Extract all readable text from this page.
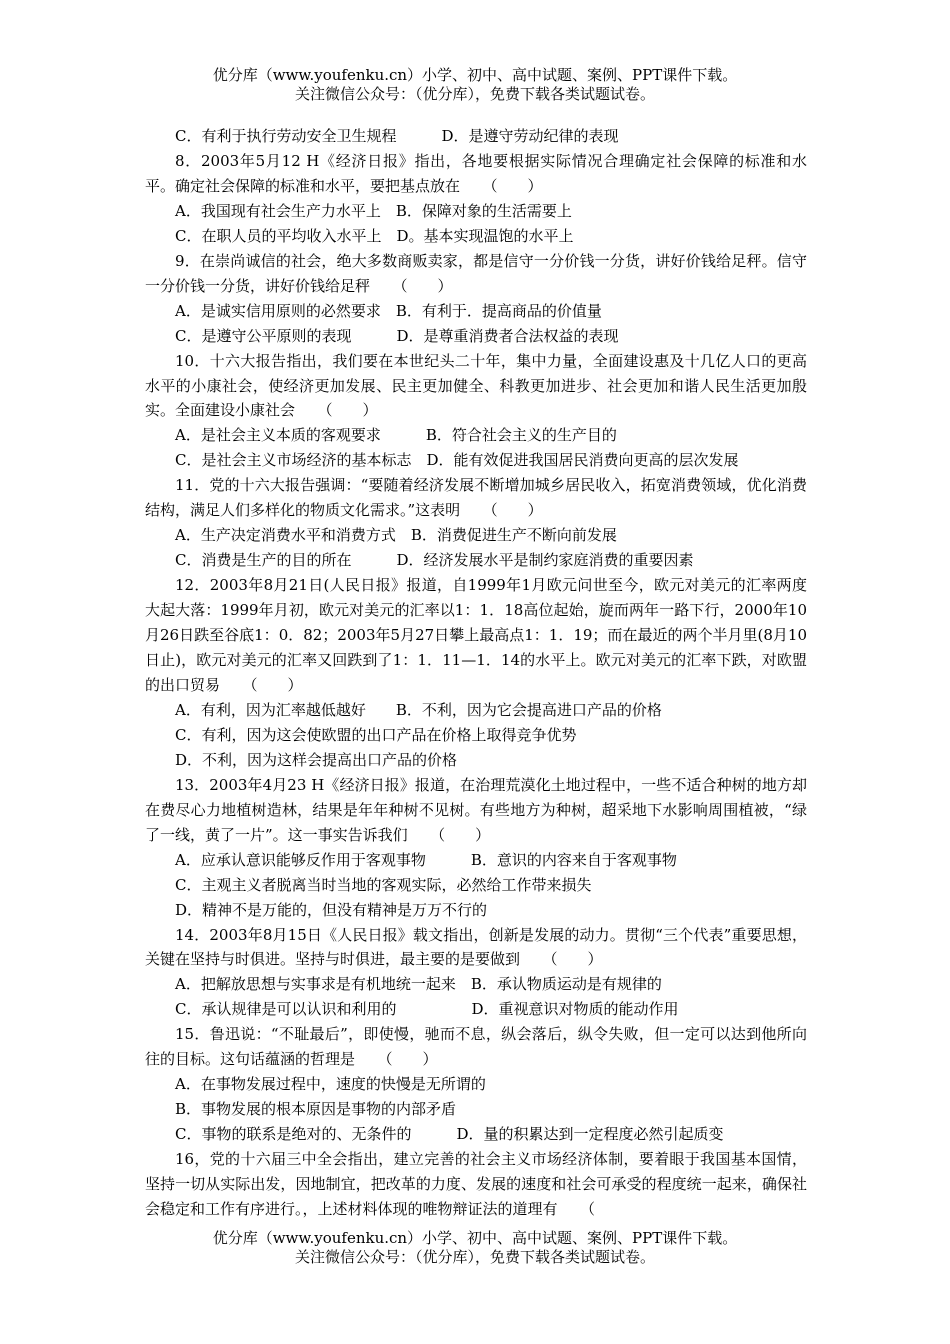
优分库（www.youfenku.cn）小学、初中、高中试题、案例、PPT课件下载。
关注微信公众号：（优分库），免费下载各类试题试卷。

C．有利于执行劳动安全卫生规程　　　D．是遵守劳动纪律的表现

8．2003年5月12 H《经济日报》指出，各地要根据实际情况合理确定社会保障的标准和水平。确定社会保障的标准和水平，要把基点放在　　（　　）

A．我国现有社会生产力水平上　B．保障对象的生活需要上

C．在职人员的平均收入水平上　D。基本实现温饱的水平上

9．在崇尚诚信的社会，绝大多数商贩卖家，都是信守一分价钱一分货，讲好价钱给足秤。信守一分价钱一分货，讲好价钱给足秤　　（　　）

A．是诚实信用原则的必然要求　B．有利于．提高商品的价值量

C．是遵守公平原则的表现　　　D．是尊重消费者合法权益的表现

10．十六大报告指出，我们要在本世纪头二十年，集中力量，全面建设惠及十几亿人口的更高水平的小康社会，使经济更加发展、民主更加健全、科教更加进步、社会更加和谐人民生活更加殷实。全面建设小康社会　　（　　）

A．是社会主义本质的客观要求　　　B．符合社会主义的生产目的

C．是社会主义市场经济的基本标志　D．能有效促进我国居民消费向更高的层次发展

11．党的十六大报告强调：“要随着经济发展不断增加城乡居民收入，拓宽消费领域，优化消费结构，满足人们多样化的物质文化需求。”这表明　　（　　）

A．生产决定消费水平和消费方式　B．消费促进生产不断向前发展

C．消费是生产的目的所在　　　D．经济发展水平是制约家庭消费的重要因素

12．2003年8月21日(人民日报》报道，自1999年1月欧元问世至今，欧元对美元的汇率两度大起大落：1999年月初，欧元对美元的汇率以1：1．18高位起始，旋而两年一路下行，2000年10月26日跌至谷底1：0．82；2003年5月27日攀上最高点1：1．19；而在最近的两个半月里(8月10日止)，欧元对美元的汇率又回跌到了1：1．11—1．14的水平上。欧元对美元的汇率下跌，对欧盟的出口贸易　　（　　）

A．有利，因为汇率越低越好　　B．不利，因为它会提高进口产品的价格

C．有利，因为这会使欧盟的出口产品在价格上取得竞争优势

D．不利，因为这样会提高出口产品的价格

13．2003年4月23 H《经济日报》报道，在治理荒漠化土地过程中，一些不适合种树的地方却在费尽心力地植树造林，结果是年年种树不见树。有些地方为种树，超采地下水影响周围植被，“绿了一线，黄了一片”。这一事实告诉我们　　（　　）

A．应承认意识能够反作用于客观事物　　　B．意识的内容来自于客观事物

C．主观主义者脱离当时当地的客观实际，必然给工作带来损失

D．精神不是万能的，但没有精神是万万不行的

14．2003年8月15日《人民日报》载文指出，创新是发展的动力。贯彻“三个代表”重要思想，关键在坚持与时俱进。坚持与时俱进，最主要的是要做到　　（　　）

A．把解放思想与实事求是有机地统一起来　B．承认物质运动是有规律的

C．承认规律是可以认识和利用的　　　　　D．重视意识对物质的能动作用

15．鲁迅说：“不耻最后”，即使慢，驰而不息，纵会落后，纵令失败，但一定可以达到他所向往的目标。这句话蕴涵的哲理是　　（　　）

A．在事物发展过程中，速度的快慢是无所谓的

B．事物发展的根本原因是事物的内部矛盾

C．事物的联系是绝对的、无条件的　　　D．量的积累达到一定程度必然引起质变

16，党的十六届三中全会指出，建立完善的社会主义市场经济体制，要着眼于我国基本国情，坚持一切从实际出发，因地制宜，把改革的力度、发展的速度和社会可承受的程度统一起来，确保社会稳定和工作有序进行。，上述材料体现的唯物辩证法的道理有　　（

优分库（www.youfenku.cn）小学、初中、高中试题、案例、PPT课件下载。
关注微信公众号：（优分库），免费下载各类试题试卷。
